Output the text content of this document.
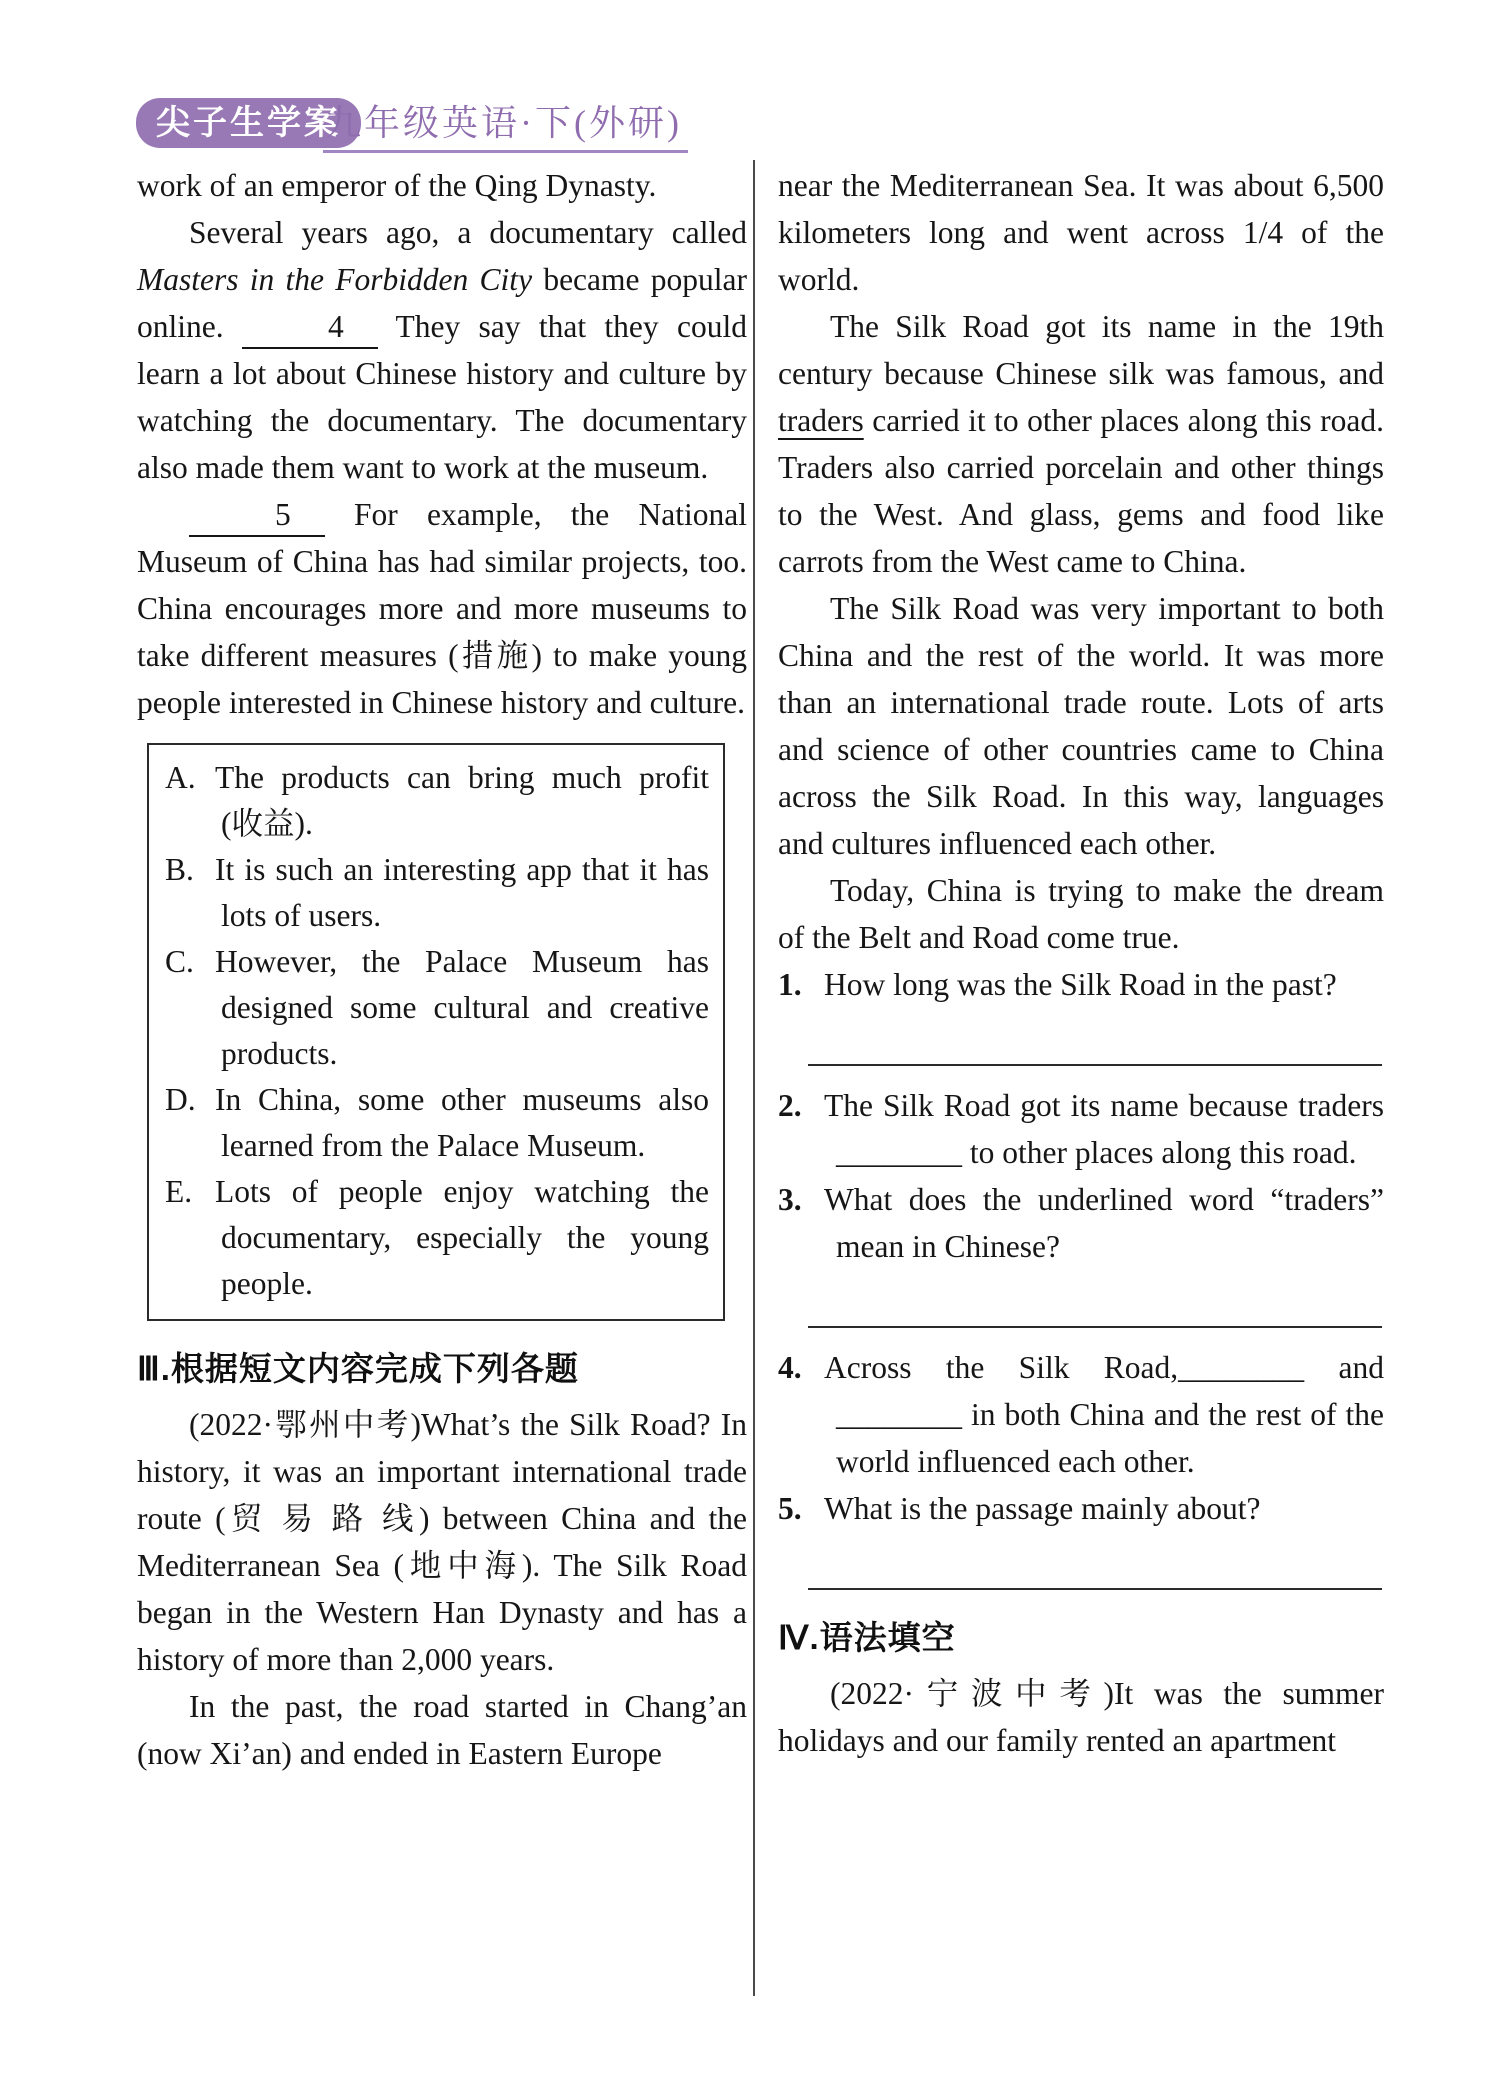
尖子生学案
九年级英语·下(外研)

work of an emperor of the Qing Dynasty.

Several years ago, a documentary called Masters in the Forbidden City became popular online.	4 They say that they could learn a lot about Chinese history and culture by watching the documentary. The documentary also made them want to work at the museum.

5 For example, the National Museum of China has had similar projects, too. China encourages more and more museums to take different measures (措施) to make young people interested in Chinese history and culture.

A. The products can bring much profit (收益).
B. It is such an interesting app that it has lots of users.
C. However, the Palace Museum has designed some cultural and creative products.
D. In China, some other museums also learned from the Palace Museum.
E. Lots of people enjoy watching the documentary, especially the young people.

Ⅲ.根据短文内容完成下列各题

(2022·鄂州中考)What’s the Silk Road? In history, it was an important international trade route (贸 易 路 线) between China and the Mediterranean Sea (地中海). The Silk Road began in the Western Han Dynasty and has a history of more than 2,000 years.

In the past, the road started in Chang’an (now Xi’an) and ended in Eastern Europe

near the Mediterranean Sea. It was about 6,500 kilometers long and went across 1/4 of the world.

The Silk Road got its name in the 19th century because Chinese silk was famous, and traders carried it to other places along this road. Traders also carried porcelain and other things to the West. And glass, gems and food like carrots from the West came to China.

The Silk Road was very important to both China and the rest of the world. It was more than an international trade route. Lots of arts and science of other countries came to China across the Silk Road. In this way, languages and cultures influenced each other.

Today, China is trying to make the dream of the Belt and Road come true.

1. How long was the Silk Road in the past?

2. The Silk Road got its name because traders ________ to other places along this road.

3. What does the underlined word “traders” mean in Chinese?

4. Across the Silk Road,________ and ________ in both China and the rest of the world influenced each other.

5. What is the passage mainly about?

Ⅳ.语法填空

(2022·宁波中考)It was the summer holidays and our family rented an apartment
